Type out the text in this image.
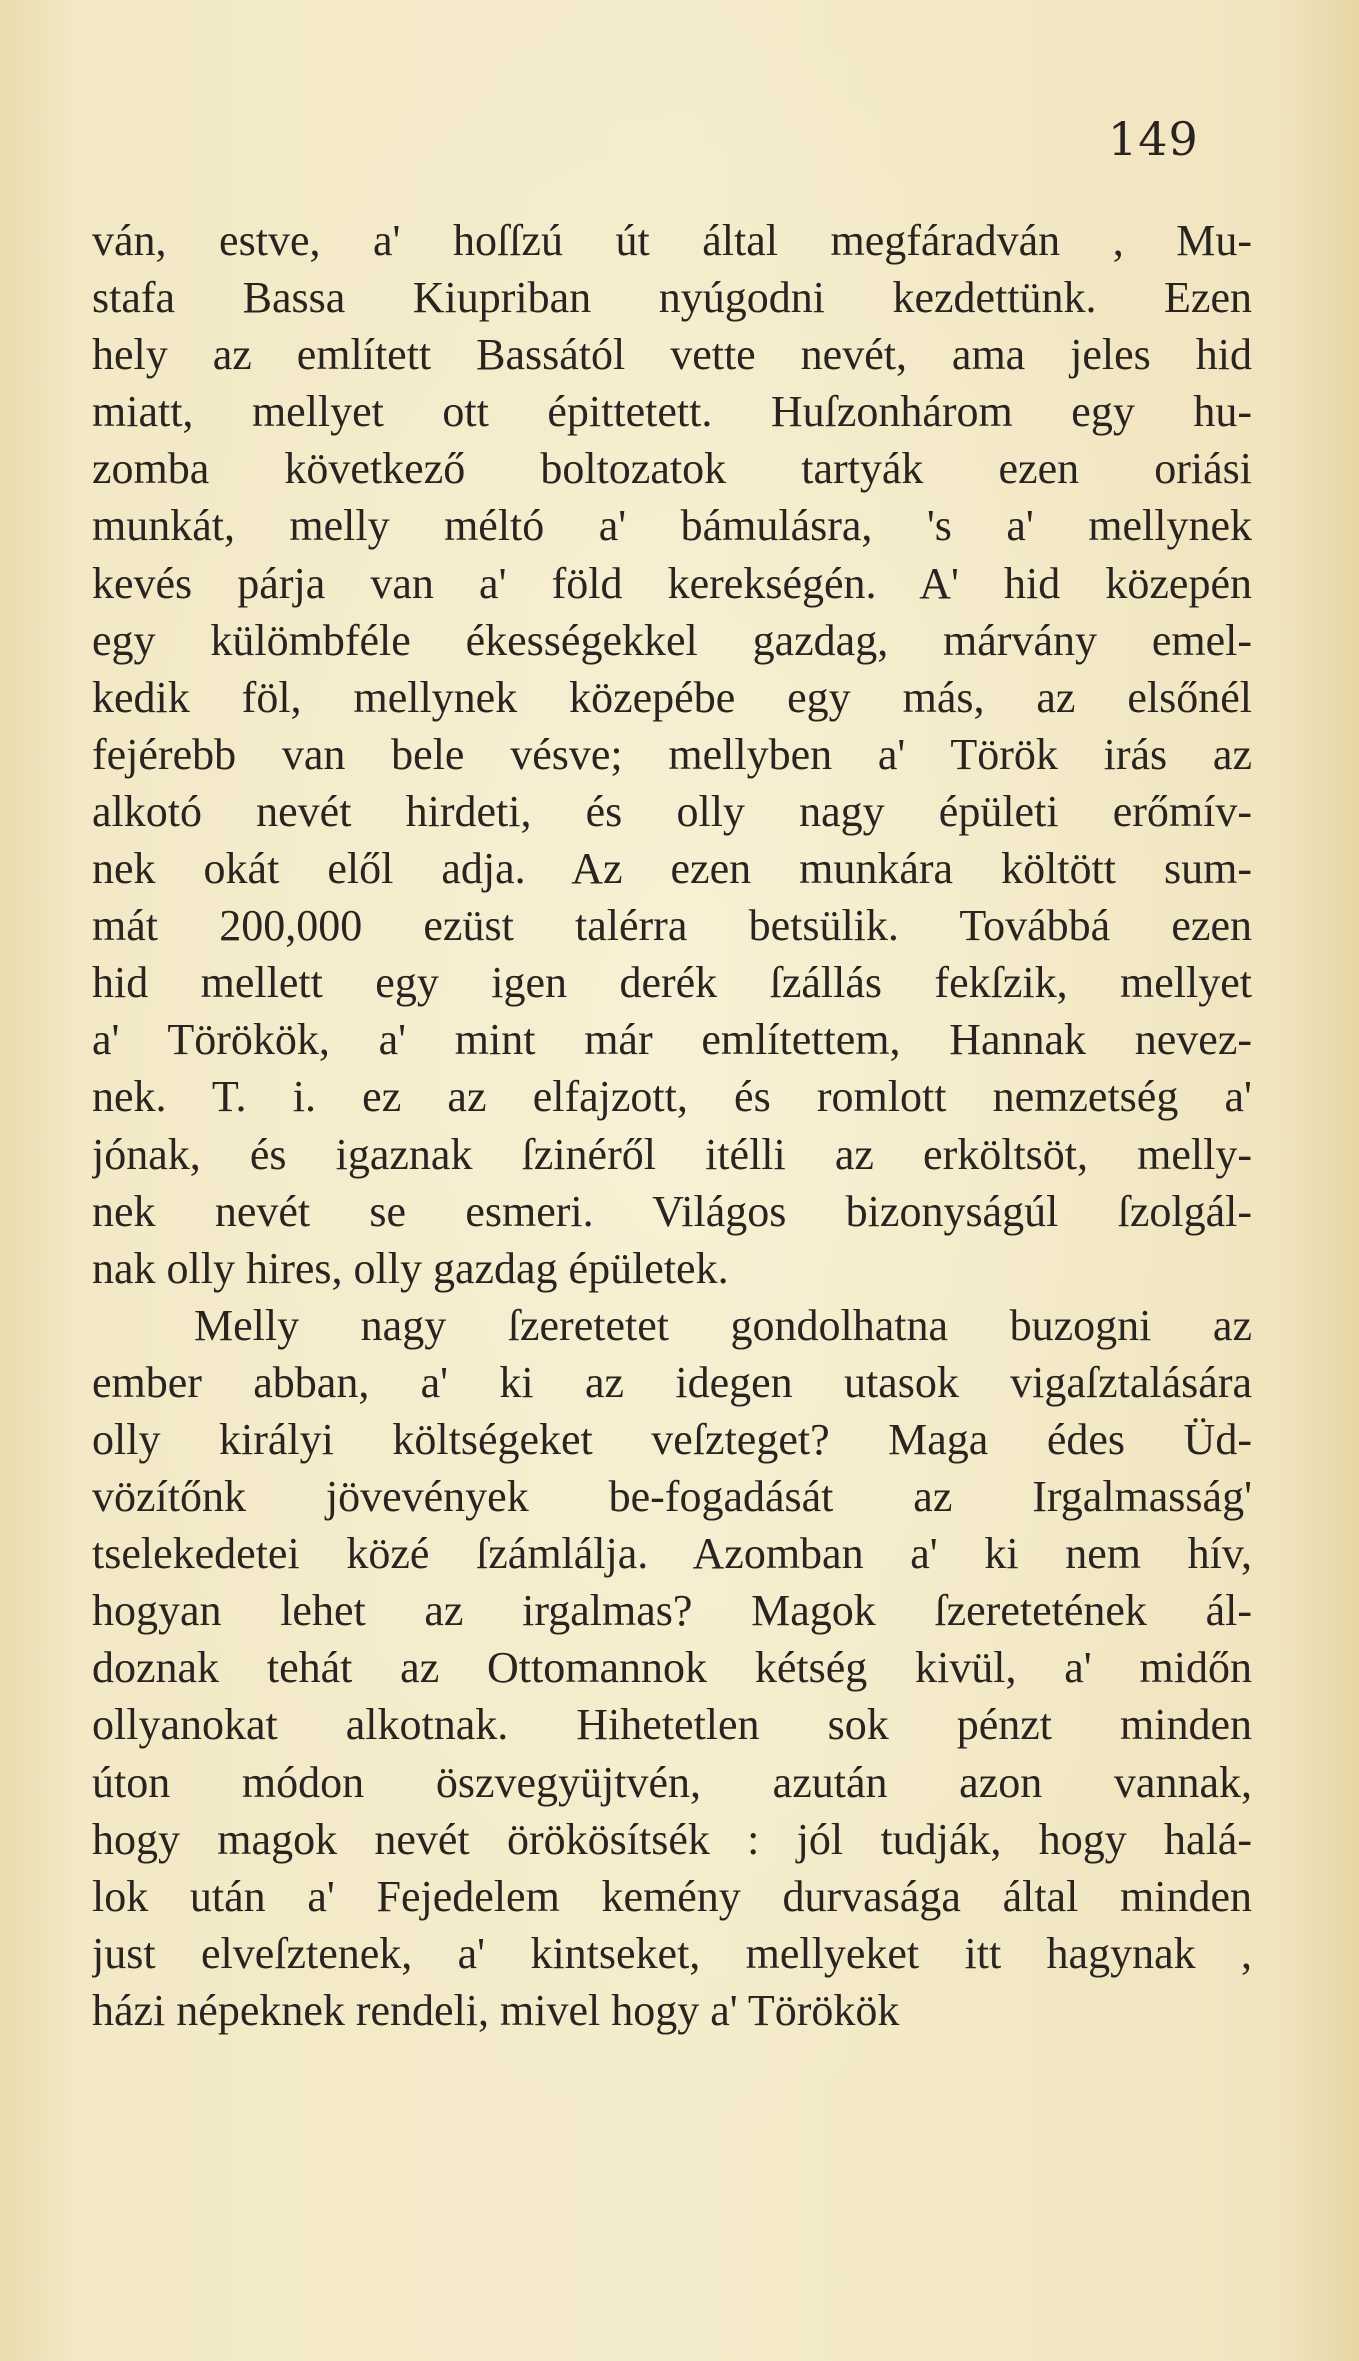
149
ván, estve, a' hoſſzú út által megfáradván , Mu-
stafa Bassa Kiupriban nyúgodni kezdettünk. Ezen
hely az említett Bassától vette nevét, ama jeles hid
miatt, mellyet ott épittetett. Huſzonhárom egy hu-
zomba következő boltozatok tartyák ezen oriási
munkát, melly méltó a' bámulásra, 's a' mellynek
kevés párja van a' föld kerekségén. A' hid közepén
egy külömbféle ékességekkel gazdag, márvány emel-
kedik föl, mellynek közepébe egy más, az elsőnél
fejérebb van bele vésve; mellyben a' Török irás az
alkotó nevét hirdeti, és olly nagy épületi erőmív-
nek okát elől adja. Az ezen munkára költött sum-
mát 200,000 ezüst talérra betsülik. Továbbá ezen
hid mellett egy igen derék ſzállás fekſzik, mellyet
a' Törökök, a' mint már említettem, Hannak nevez-
nek. T. i. ez az elfajzott, és romlott nemzetség a'
jónak, és igaznak ſzinéről itélli az erköltsöt, melly-
nek nevét se esmeri. Világos bizonyságúl ſzolgál-
nak olly hires, olly gazdag épületek.
Melly nagy ſzeretetet gondolhatna buzogni az
ember abban, a' ki az idegen utasok vigaſztalására
olly királyi költségeket veſzteget? Maga édes Üd-
vözítőnk jövevények be-fogadását az Irgalmasság'
tselekedetei közé ſzámlálja. Azomban a' ki nem hív,
hogyan lehet az irgalmas? Magok ſzeretetének ál-
doznak tehát az Ottomannok kétség kivül, a' midőn
ollyanokat alkotnak. Hihetetlen sok pénzt minden
úton módon öszvegyüjtvén, azután azon vannak,
hogy magok nevét örökösítsék : jól tudják, hogy halá-
lok után a' Fejedelem kemény durvasága által minden
just elveſztenek, a' kintseket, mellyeket itt hagynak ,
házi népeknek rendeli, mivel hogy a' Törökök
